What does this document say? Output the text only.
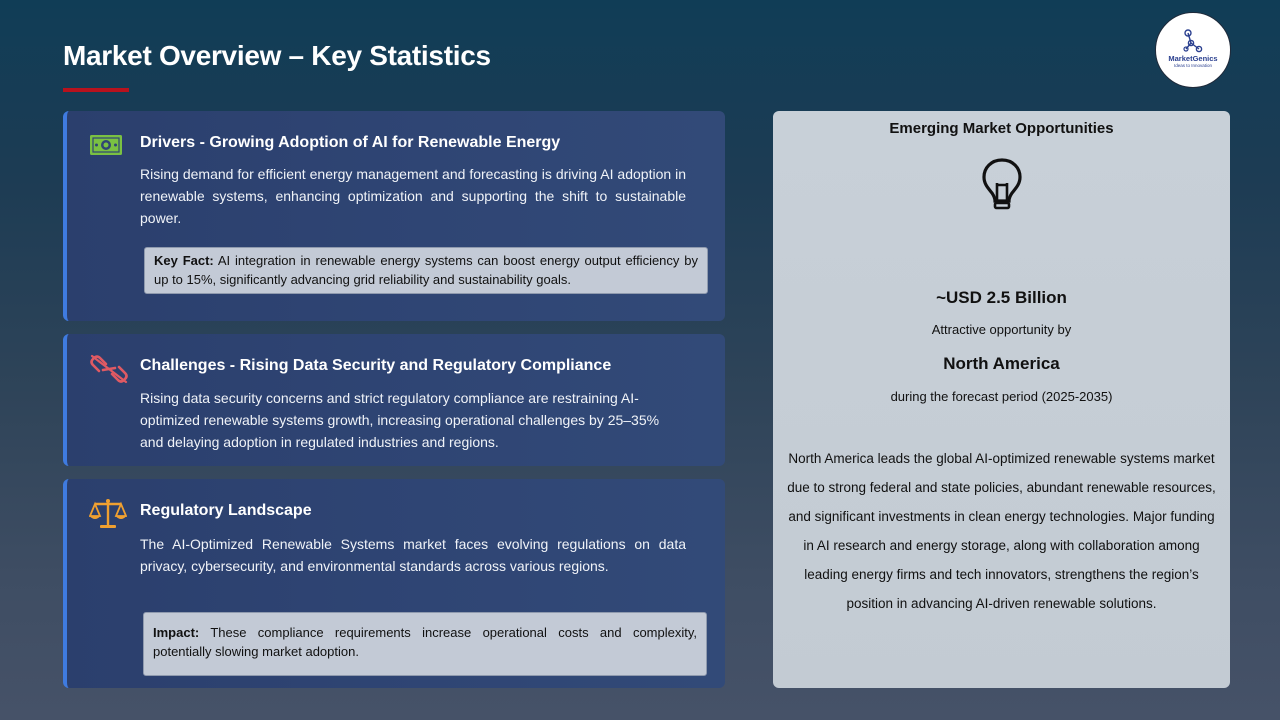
Market Overview – Key Statistics	MarketGenics
Ideas to Innovation
Drivers - Growing Adoption of AI for Renewable Energy
Rising demand for efficient energy management and forecasting is driving AI adoption in renewable systems, enhancing optimization and supporting the shift to sustainable power.
Key Fact: AI integration in renewable energy systems can boost energy output efficiency by up to 15%, significantly advancing grid reliability and sustainability goals.
Challenges - Rising Data Security and Regulatory Compliance
Rising data security concerns and strict regulatory compliance are restraining AI-optimized renewable systems growth, increasing operational challenges by 25–35% and delaying adoption in regulated industries and regions.
Regulatory Landscape
The AI-Optimized Renewable Systems market faces evolving regulations on data privacy, cybersecurity, and environmental standards across various regions.
Impact: These compliance requirements increase operational costs and complexity, potentially slowing market adoption.
Emerging Market Opportunities
~USD 2.5 Billion
Attractive opportunity by
North America
during the forecast period (2025-2035)
North America leads the global AI-optimized renewable systems market due to strong federal and state policies, abundant renewable resources, and significant investments in clean energy technologies. Major funding in AI research and energy storage, along with collaboration among leading energy firms and tech innovators, strengthens the region’s position in advancing AI-driven renewable solutions.
